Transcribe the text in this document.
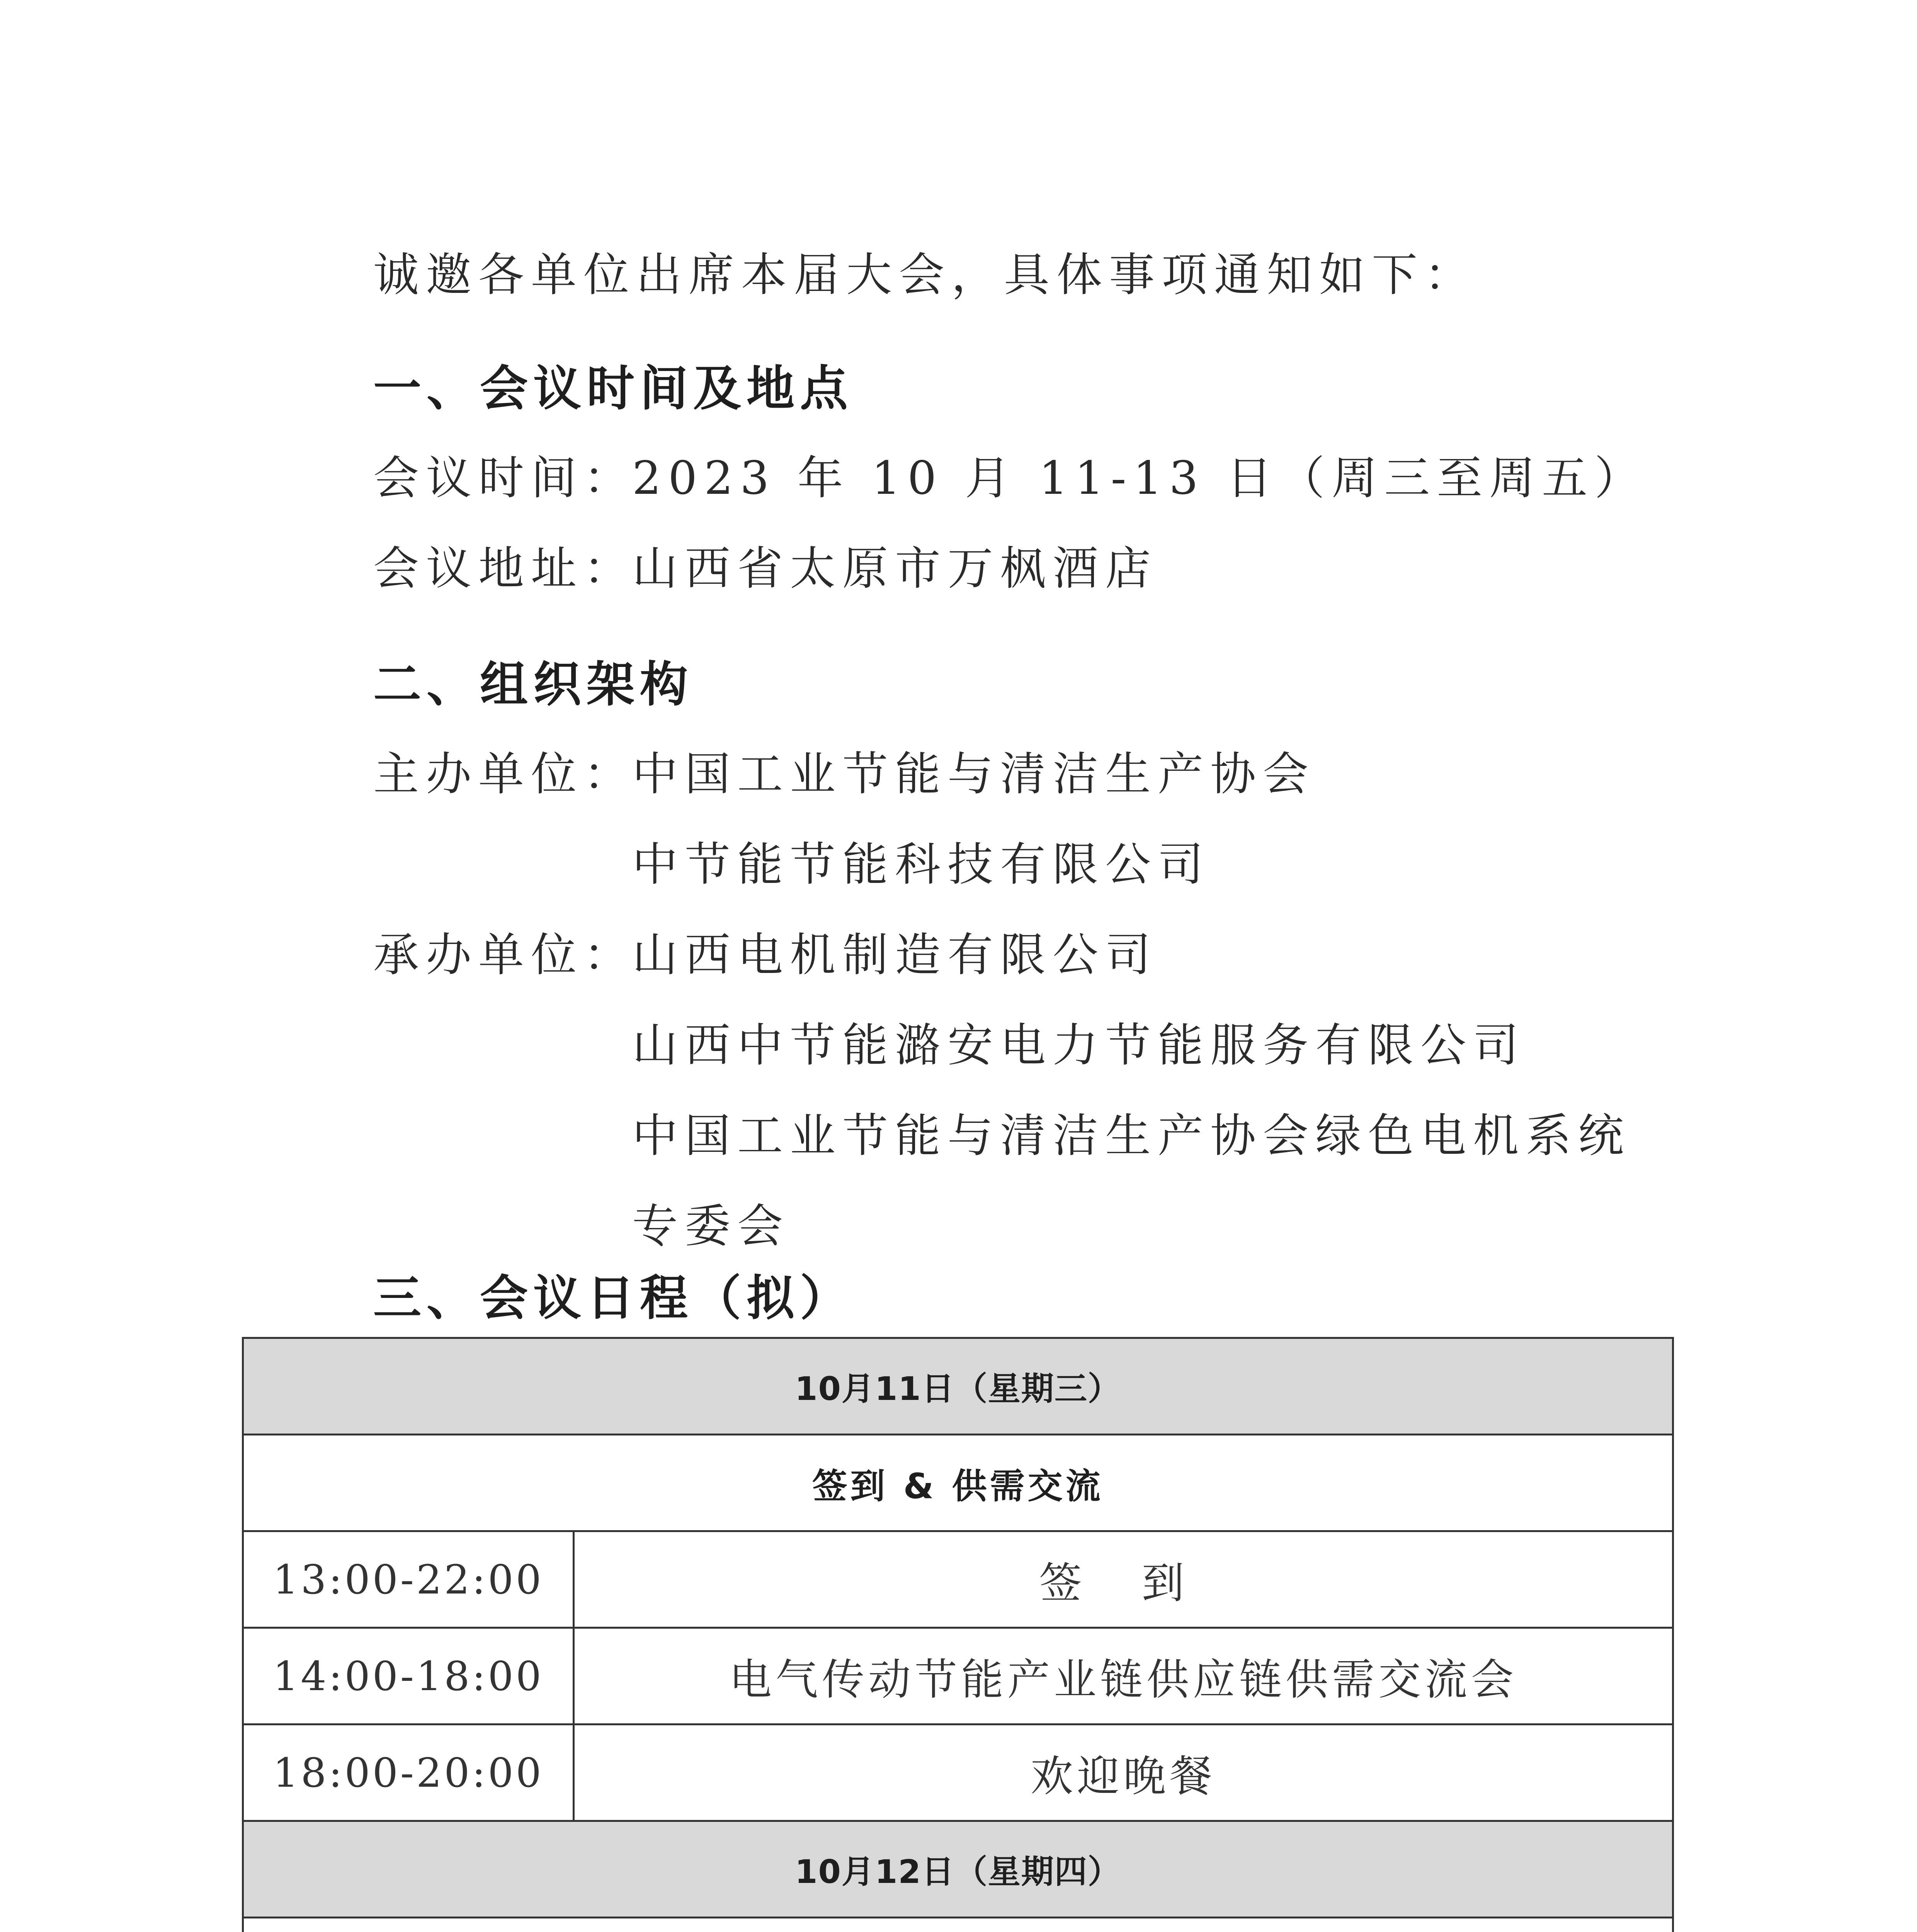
诚邀各单位出席本届大会，具体事项通知如下：
一、会议时间及地点
会议时间：
2023 年 10 月 11-13 日（周三至周五）
会议地址：
山西省太原市万枫酒店
二、组织架构
主办单位：
中国工业节能与清洁生产协会
中节能节能科技有限公司
承办单位：
山西电机制造有限公司
山西中节能潞安电力节能服务有限公司
中国工业节能与清洁生产协会绿色电机系统
专委会
三、会议日程（拟）
10月11日（星期三）
签到 & 供需交流
13:00-22:00	签 到
14:00-18:00	电气传动节能产业链供应链供需交流会
18:00-20:00	欢迎晚餐
10月12日（星期四）
